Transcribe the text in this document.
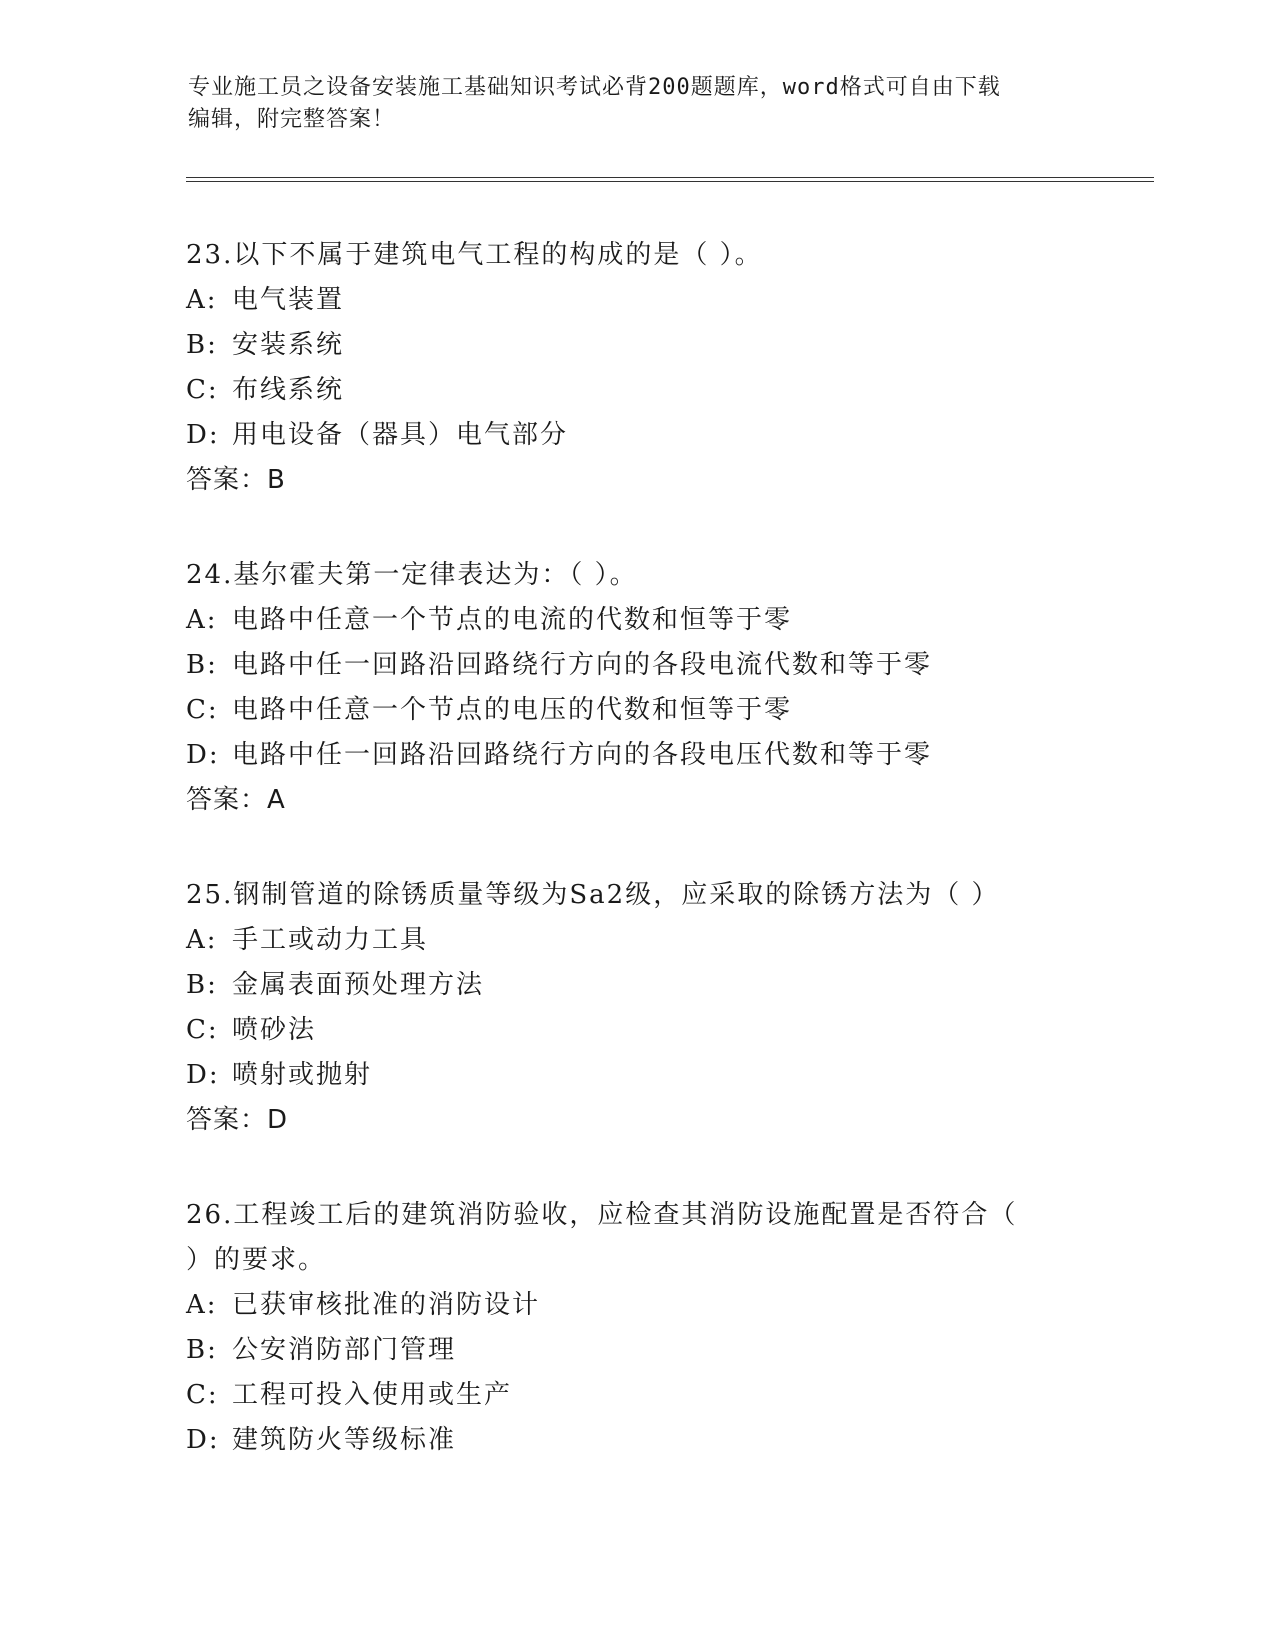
专业施工员之设备安装施工基础知识考试必背200题题库，word格式可自由下载
编辑，附完整答案！
23.以下不属于建筑电气工程的构成的是（ ）。
A: 电气装置
B: 安装系统
C: 布线系统
D: 用电设备（器具）电气部分
答案：B
24.基尔霍夫第一定律表达为：（ ）。
A: 电路中任意一个节点的电流的代数和恒等于零
B: 电路中任一回路沿回路绕行方向的各段电流代数和等于零
C: 电路中任意一个节点的电压的代数和恒等于零
D: 电路中任一回路沿回路绕行方向的各段电压代数和等于零
答案：A
25.钢制管道的除锈质量等级为Sa2级，应采取的除锈方法为（ ）
A: 手工或动力工具
B: 金属表面预处理方法
C: 喷砂法
D: 喷射或抛射
答案：D
26.工程竣工后的建筑消防验收，应检查其消防设施配置是否符合（
）的要求。
A: 已获审核批准的消防设计
B: 公安消防部门管理
C: 工程可投入使用或生产
D: 建筑防火等级标准
